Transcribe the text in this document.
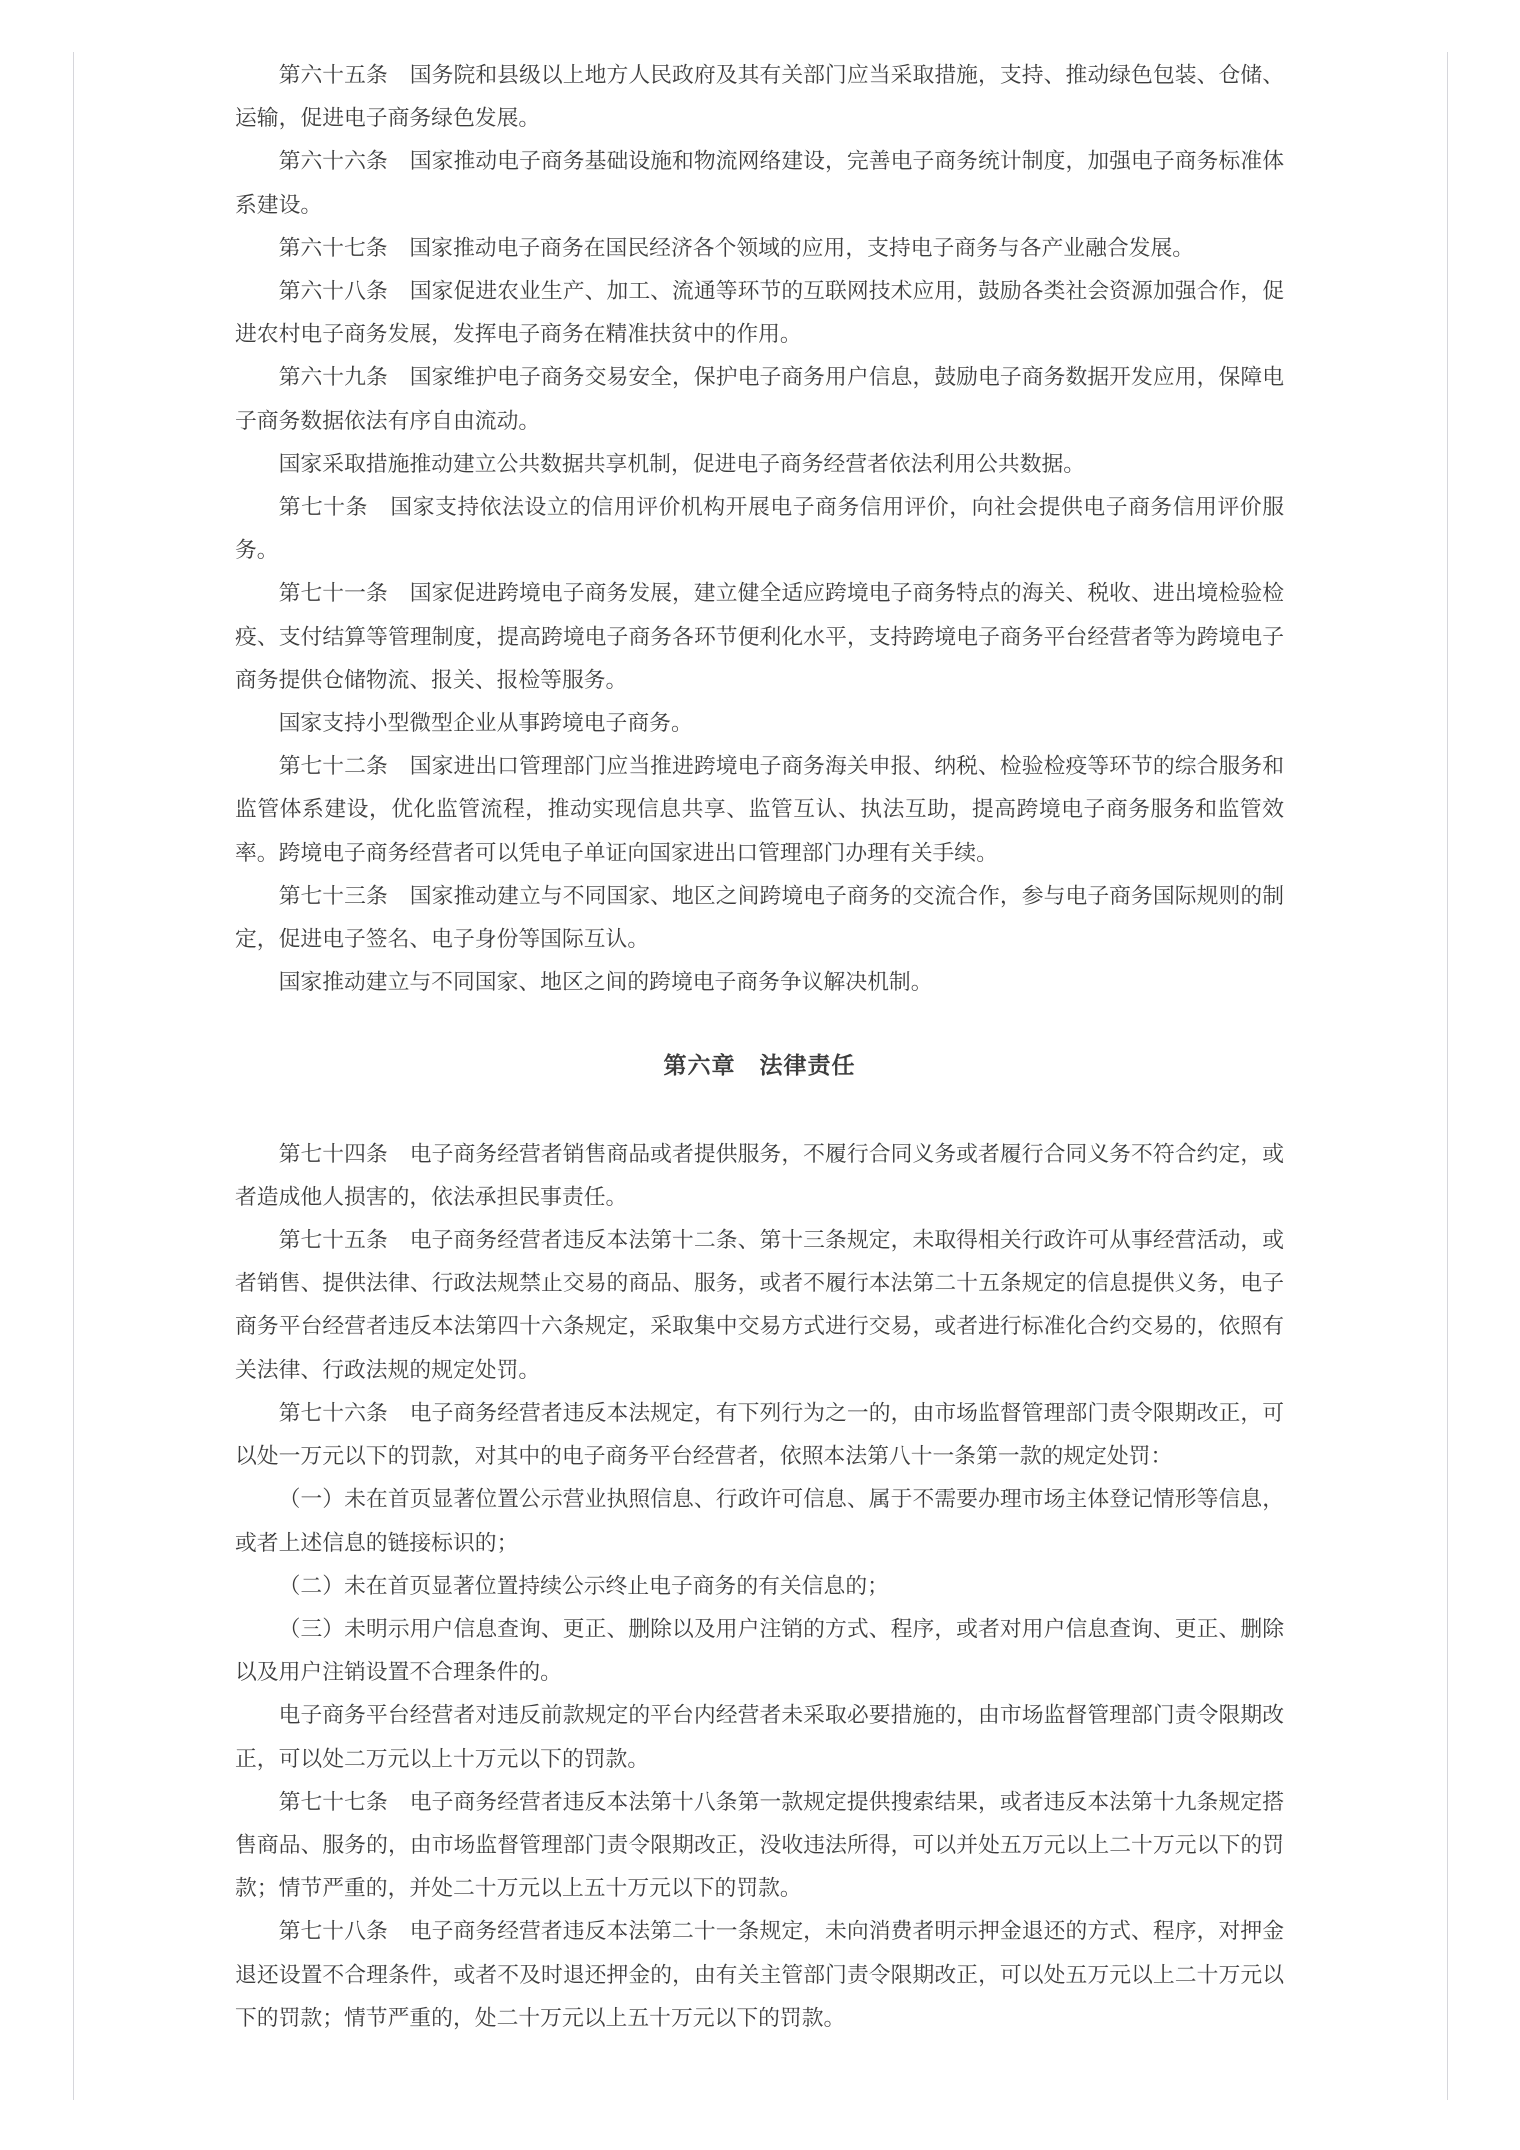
第六十五条　国务院和县级以上地方人民政府及其有关部门应当采取措施，支持、推动绿色包装、仓储、运输，促进电子商务绿色发展。

第六十六条　国家推动电子商务基础设施和物流网络建设，完善电子商务统计制度，加强电子商务标准体系建设。

第六十七条　国家推动电子商务在国民经济各个领域的应用，支持电子商务与各产业融合发展。

第六十八条　国家促进农业生产、加工、流通等环节的互联网技术应用，鼓励各类社会资源加强合作，促进农村电子商务发展，发挥电子商务在精准扶贫中的作用。

第六十九条　国家维护电子商务交易安全，保护电子商务用户信息，鼓励电子商务数据开发应用，保障电子商务数据依法有序自由流动。

国家采取措施推动建立公共数据共享机制，促进电子商务经营者依法利用公共数据。

第七十条　国家支持依法设立的信用评价机构开展电子商务信用评价，向社会提供电子商务信用评价服务。

第七十一条　国家促进跨境电子商务发展，建立健全适应跨境电子商务特点的海关、税收、进出境检验检疫、支付结算等管理制度，提高跨境电子商务各环节便利化水平，支持跨境电子商务平台经营者等为跨境电子商务提供仓储物流、报关、报检等服务。

国家支持小型微型企业从事跨境电子商务。

第七十二条　国家进出口管理部门应当推进跨境电子商务海关申报、纳税、检验检疫等环节的综合服务和监管体系建设，优化监管流程，推动实现信息共享、监管互认、执法互助，提高跨境电子商务服务和监管效率。跨境电子商务经营者可以凭电子单证向国家进出口管理部门办理有关手续。

第七十三条　国家推动建立与不同国家、地区之间跨境电子商务的交流合作，参与电子商务国际规则的制定，促进电子签名、电子身份等国际互认。

国家推动建立与不同国家、地区之间的跨境电子商务争议解决机制。

第六章　法律责任

第七十四条　电子商务经营者销售商品或者提供服务，不履行合同义务或者履行合同义务不符合约定，或者造成他人损害的，依法承担民事责任。

第七十五条　电子商务经营者违反本法第十二条、第十三条规定，未取得相关行政许可从事经营活动，或者销售、提供法律、行政法规禁止交易的商品、服务，或者不履行本法第二十五条规定的信息提供义务，电子商务平台经营者违反本法第四十六条规定，采取集中交易方式进行交易，或者进行标准化合约交易的，依照有关法律、行政法规的规定处罚。

第七十六条　电子商务经营者违反本法规定，有下列行为之一的，由市场监督管理部门责令限期改正，可以处一万元以下的罚款，对其中的电子商务平台经营者，依照本法第八十一条第一款的规定处罚：

（一）未在首页显著位置公示营业执照信息、行政许可信息、属于不需要办理市场主体登记情形等信息，或者上述信息的链接标识的；

（二）未在首页显著位置持续公示终止电子商务的有关信息的；

（三）未明示用户信息查询、更正、删除以及用户注销的方式、程序，或者对用户信息查询、更正、删除以及用户注销设置不合理条件的。

电子商务平台经营者对违反前款规定的平台内经营者未采取必要措施的，由市场监督管理部门责令限期改正，可以处二万元以上十万元以下的罚款。

第七十七条　电子商务经营者违反本法第十八条第一款规定提供搜索结果，或者违反本法第十九条规定搭售商品、服务的，由市场监督管理部门责令限期改正，没收违法所得，可以并处五万元以上二十万元以下的罚款；情节严重的，并处二十万元以上五十万元以下的罚款。

第七十八条　电子商务经营者违反本法第二十一条规定，未向消费者明示押金退还的方式、程序，对押金退还设置不合理条件，或者不及时退还押金的，由有关主管部门责令限期改正，可以处五万元以上二十万元以下的罚款；情节严重的，处二十万元以上五十万元以下的罚款。
